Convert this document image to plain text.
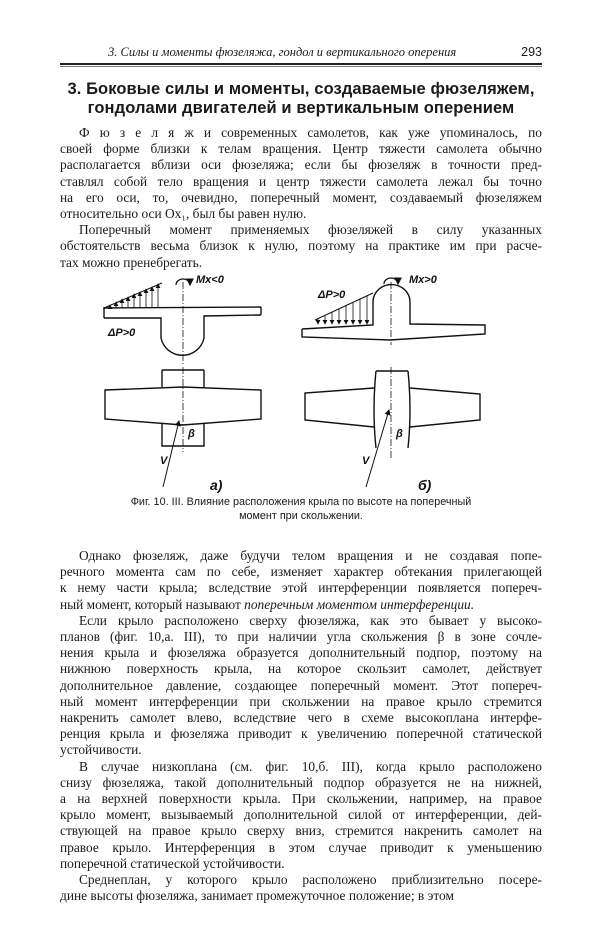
3. Силы и моменты фюзеляжа, гондол и вертикального оперения	293
3. Боковые силы и моменты, создаваемые фюзеляжем,
гондолами двигателей и вертикальным оперением
Ф ю з е л я ж и современных самолетов, как уже упоминалось, по
своей форме близки к телам вращения. Центр тяжести самолета обычно
располагается вблизи оси фюзеляжа; если бы фюзеляж в точности пред-
ставлял собой тело вращения и центр тяжести самолета лежал бы точно
на его оси, то, очевидно, поперечный момент, создаваемый фюзеляжем
относительно оси Ox₁, был бы равен нулю.
Поперечный момент применяемых фюзеляжей в силу указанных
обстоятельств весьма близок к нулю, поэтому на практике им при расче-
тах можно пренебрегать.
Mx<0
ΔP>0
V
β
а)
Mx>0
ΔP>0
V
β
б)
Фиг. 10. III. Влияние расположения крыла по высоте на поперечный
момент при скольжении.
Однако фюзеляж, даже будучи телом вращения и не создавая попе-
речного момента сам по себе, изменяет характер обтекания прилегающей
к нему части крыла; вследствие этой интерференции появляется попереч-
ный момент, который называют поперечным моментом интерференции.
Если крыло расположено сверху фюзеляжа, как это бывает у высоко-
планов (фиг. 10,а. III), то при наличии угла скольжения β в зоне сочле-
нения крыла и фюзеляжа образуется дополнительный подпор, поэтому на
нижнюю поверхность крыла, на которое скользит самолет, действует
дополнительное давление, создающее поперечный момент. Этот попереч-
ный момент интерференции при скольжении на правое крыло стремится
накренить самолет влево, вследствие чего в схеме высокоплана интерфе-
ренция крыла и фюзеляжа приводит к увеличению поперечной статической
устойчивости.
В случае низкоплана (см. фиг. 10,б. III), когда крыло расположено
снизу фюзеляжа, такой дополнительный подпор образуется не на нижней,
а на верхней поверхности крыла. При скольжении, например, на правое
крыло момент, вызываемый дополнительной силой от интерференции, дей-
ствующей на правое крыло сверху вниз, стремится накренить самолет на
правое крыло. Интерференция в этом случае приводит к уменьшению
поперечной статической устойчивости.
Среднеплан, у которого крыло расположено приблизительно посере-
дине высоты фюзеляжа, занимает промежуточное положение; в этом
